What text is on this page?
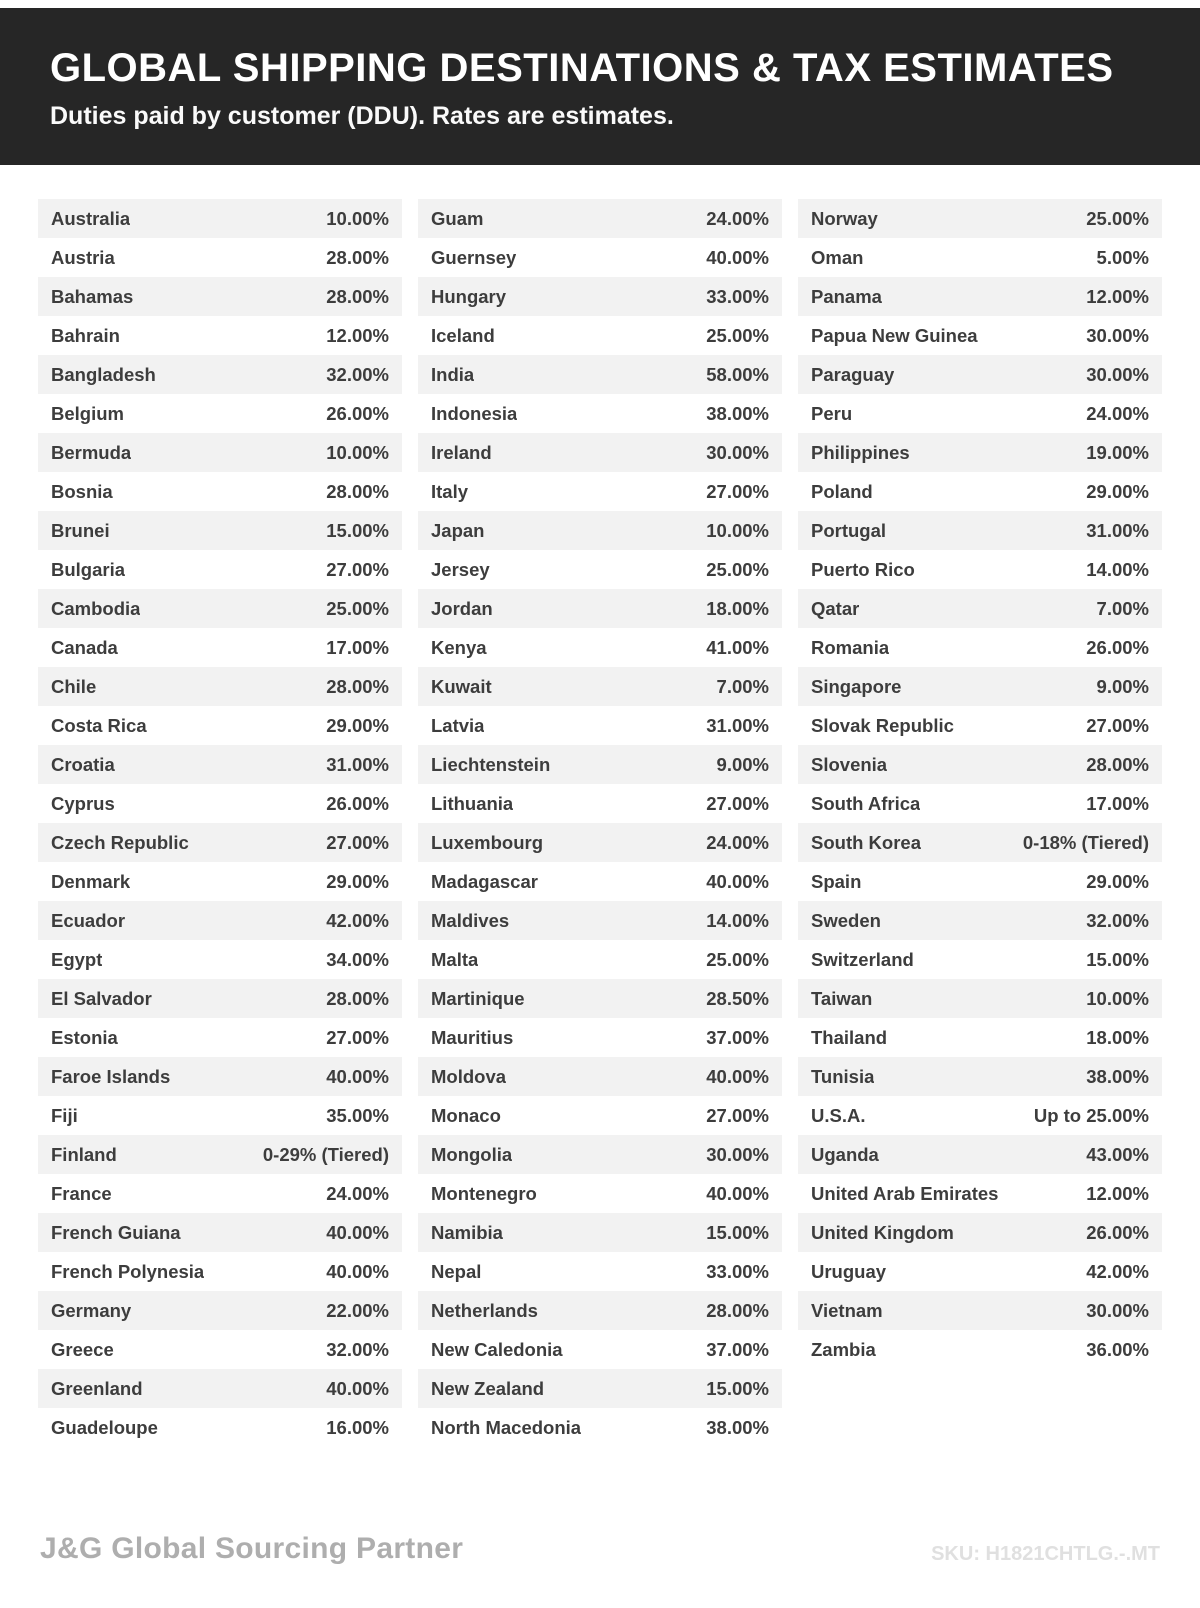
GLOBAL SHIPPING DESTINATIONS & TAX ESTIMATES
Duties paid by customer (DDU). Rates are estimates.
Australia	10.00%
Austria	28.00%
Bahamas	28.00%
Bahrain	12.00%
Bangladesh	32.00%
Belgium	26.00%
Bermuda	10.00%
Bosnia	28.00%
Brunei	15.00%
Bulgaria	27.00%
Cambodia	25.00%
Canada	17.00%
Chile	28.00%
Costa Rica	29.00%
Croatia	31.00%
Cyprus	26.00%
Czech Republic	27.00%
Denmark	29.00%
Ecuador	42.00%
Egypt	34.00%
El Salvador	28.00%
Estonia	27.00%
Faroe Islands	40.00%
Fiji	35.00%
Finland	0-29% (Tiered)
France	24.00%
French Guiana	40.00%
French Polynesia	40.00%
Germany	22.00%
Greece	32.00%
Greenland	40.00%
Guadeloupe	16.00%
Guam	24.00%
Guernsey	40.00%
Hungary	33.00%
Iceland	25.00%
India	58.00%
Indonesia	38.00%
Ireland	30.00%
Italy	27.00%
Japan	10.00%
Jersey	25.00%
Jordan	18.00%
Kenya	41.00%
Kuwait	7.00%
Latvia	31.00%
Liechtenstein	9.00%
Lithuania	27.00%
Luxembourg	24.00%
Madagascar	40.00%
Maldives	14.00%
Malta	25.00%
Martinique	28.50%
Mauritius	37.00%
Moldova	40.00%
Monaco	27.00%
Mongolia	30.00%
Montenegro	40.00%
Namibia	15.00%
Nepal	33.00%
Netherlands	28.00%
New Caledonia	37.00%
New Zealand	15.00%
North Macedonia	38.00%
Norway	25.00%
Oman	5.00%
Panama	12.00%
Papua New Guinea	30.00%
Paraguay	30.00%
Peru	24.00%
Philippines	19.00%
Poland	29.00%
Portugal	31.00%
Puerto Rico	14.00%
Qatar	7.00%
Romania	26.00%
Singapore	9.00%
Slovak Republic	27.00%
Slovenia	28.00%
South Africa	17.00%
South Korea	0-18% (Tiered)
Spain	29.00%
Sweden	32.00%
Switzerland	15.00%
Taiwan	10.00%
Thailand	18.00%
Tunisia	38.00%
U.S.A.	Up to 25.00%
Uganda	43.00%
United Arab Emirates	12.00%
United Kingdom	26.00%
Uruguay	42.00%
Vietnam	30.00%
Zambia	36.00%
J&G Global Sourcing Partner	SKU: H1821CHTLG.-.MT
